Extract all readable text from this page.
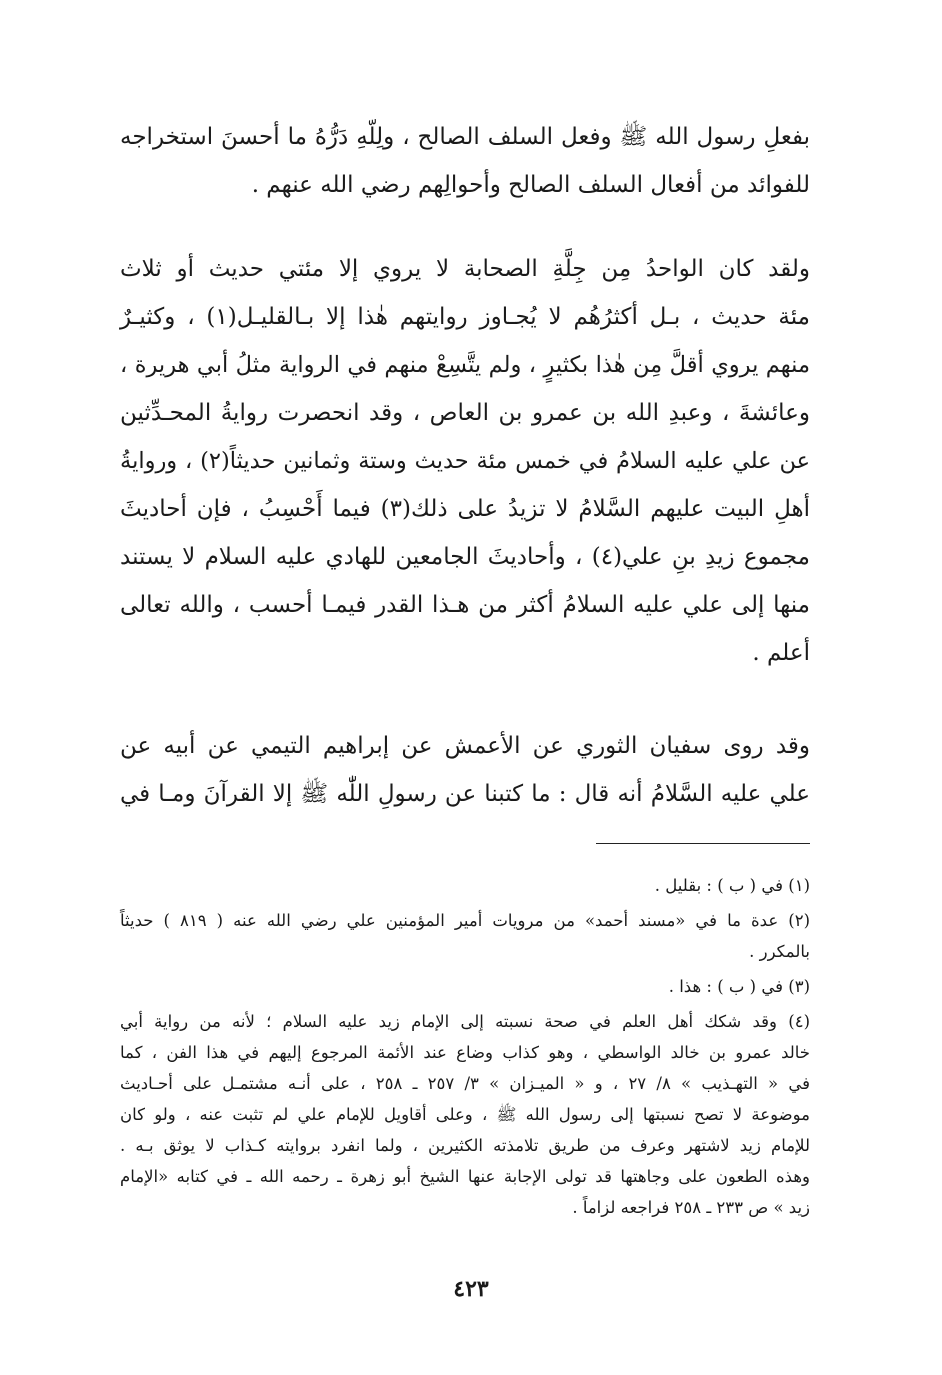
بفعلِ رسول الله ﷺ وفعل السلف الصالح ، ولِلّهِ دَرُّهُ ما أحسنَ استخراجه
للفوائد من أفعال السلف الصالح وأحوالِهم رضي الله عنهم .
ولقد كان الواحدُ مِن جِلَّةِ الصحابة لا يروي إلا مئتي حديث أو ثلاث
مئة حديث ، بـل أكثرُهُم لا يُجـاوز روايتهم هٰذا إلا بـالقليـل(١) ، وكثيـرٌ
منهم يروي أقلَّ مِن هٰذا بكثيرٍ ، ولم يتَّسِعْ منهم في الرواية مثلُ أبي هريرة ،
وعائشةَ ، وعبدِ الله بن عمرو بن العاص ، وقد انحصرت روايةُ المحـدِّثين
عن علي عليه السلامُ في خمس مئة حديث وستة وثمانين حديثاً(٢) ، وروايةُ
أهلِ البيت عليهم السَّلامُ لا تزيدُ على ذلك(٣) فيما أَحْسِبُ ، فإن أحاديثَ
مجموع زيدِ بنِ علي(٤) ، وأحاديثَ الجامعين للهادي عليه السلام لا يستند
منها إلى علي عليه السلامُ أكثر من هـذا القدر فيمـا أحسب ، والله تعالى
أعلم .
وقد روى سفيان الثوري عن الأعمش عن إبراهيم التيمي عن أبيه عن
علي عليه السَّلامُ أنه قال : ما كتبنا عن رسولِ اللّٰه ﷺ إلا القرآنَ ومـا في
(١) في ( ب ) : بقليل .
(٢) عدة ما في «مسند أحمد» من مرويات أمير المؤمنين علي رضي الله عنه ( ٨١٩ ) حديثاً
بالمكرر .
(٣) في ( ب ) : هذا .
(٤) وقد شكك أهل العلم في صحة نسبته إلى الإمام زيد عليه السلام ؛ لأنه من رواية أبي
خالد عمرو بن خالد الواسطي ، وهو كذاب وضاع عند الأئمة المرجوع إليهم في هذا الفن ، كما
في « التهـذيب » ٨/ ٢٧ ، و « الميـزان » ٣/ ٢٥٧ ـ ٢٥٨ ، على أنـه مشتمـل على أحـاديث
موضوعة لا تصح نسبتها إلى رسول الله ﷺ ، وعلى أقاويل للإمام علي لم تثبت عنه ، ولو كان
للإمام زيد لاشتهر وعرف من طريق تلامذته الكثيرين ، ولما انفرد بروايته كـذاب لا يوثق بـه .
وهذه الطعون على وجاهتها قد تولى الإجابة عنها الشيخ أبو زهرة ـ رحمه الله ـ في كتابه «الإمام
زيد » ص ٢٣٣ ـ ٢٥٨ فراجعه لزاماً .
٤٢٣
